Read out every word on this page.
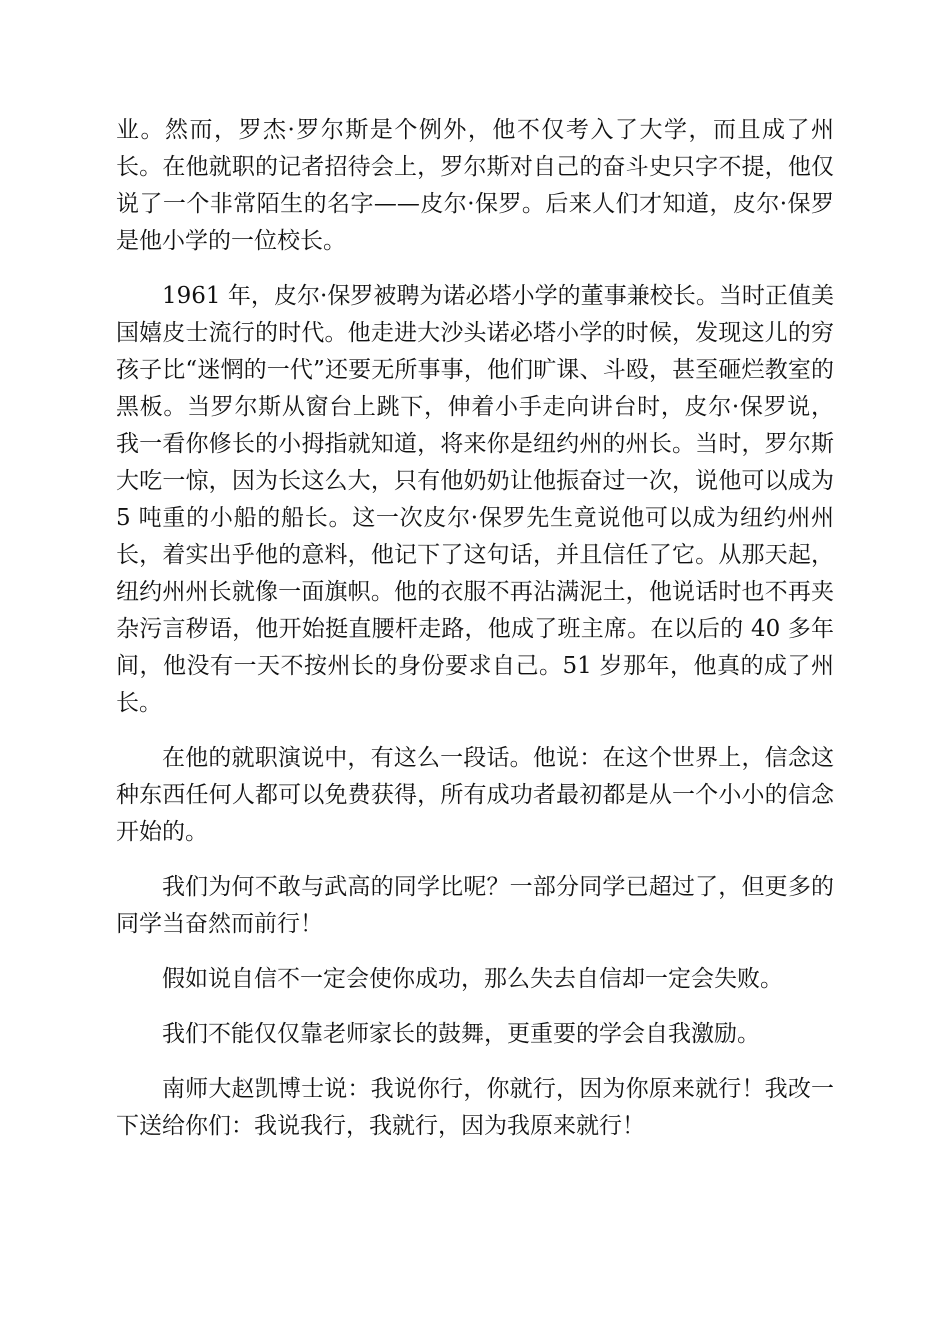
业。然而，罗杰·罗尔斯是个例外，他不仅考入了大学，而且成了州长。在他就职的记者招待会上，罗尔斯对自己的奋斗史只字不提，他仅说了一个非常陌生的名字——皮尔·保罗。后来人们才知道，皮尔·保罗是他小学的一位校长。

1961 年，皮尔·保罗被聘为诺必塔小学的董事兼校长。当时正值美国嬉皮士流行的时代。他走进大沙头诺必塔小学的时候，发现这儿的穷孩子比“迷惘的一代”还要无所事事，他们旷课、斗殴，甚至砸烂教室的黑板。当罗尔斯从窗台上跳下，伸着小手走向讲台时，皮尔·保罗说，我一看你修长的小拇指就知道，将来你是纽约州的州长。当时，罗尔斯大吃一惊，因为长这么大，只有他奶奶让他振奋过一次，说他可以成为 5 吨重的小船的船长。这一次皮尔·保罗先生竟说他可以成为纽约州州长，着实出乎他的意料，他记下了这句话，并且信任了它。从那天起，纽约州州长就像一面旗帜。他的衣服不再沾满泥土，他说话时也不再夹杂污言秽语，他开始挺直腰杆走路，他成了班主席。在以后的 40 多年间，他没有一天不按州长的身份要求自己。51 岁那年，他真的成了州长。

在他的就职演说中，有这么一段话。他说：在这个世界上，信念这种东西任何人都可以免费获得，所有成功者最初都是从一个小小的信念开始的。

我们为何不敢与武高的同学比呢？一部分同学已超过了，但更多的同学当奋然而前行！

假如说自信不一定会使你成功，那么失去自信却一定会失败。

我们不能仅仅靠老师家长的鼓舞，更重要的学会自我激励。

南师大赵凯博士说：我说你行，你就行，因为你原来就行！我改一下送给你们：我说我行，我就行，因为我原来就行！
